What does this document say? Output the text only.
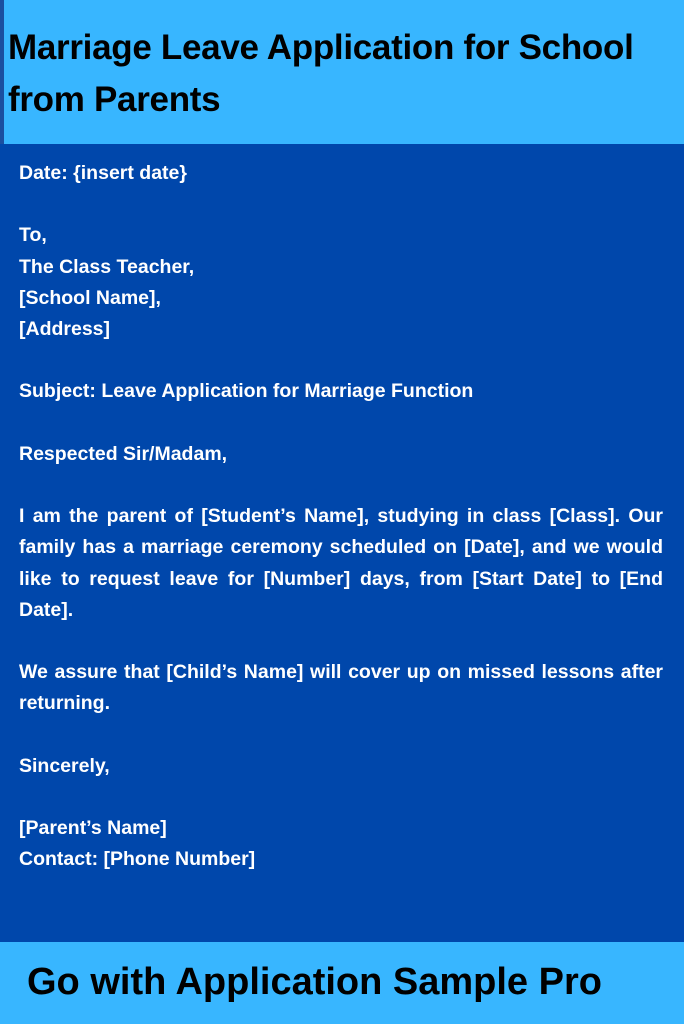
Marriage Leave Application for School from Parents

Date: {insert date}

To,
The Class Teacher,
[School Name],
[Address]

Subject: Leave Application for Marriage Function

Respected Sir/Madam,

I am the parent of [Student’s Name], studying in class [Class]. Our family has a marriage ceremony scheduled on [Date], and we would like to request leave for [Number] days, from [Start Date] to [End Date].

We assure that [Child’s Name] will cover up on missed lessons after returning.

Sincerely,

[Parent’s Name]
Contact: [Phone Number]

Go with Application Sample Pro
